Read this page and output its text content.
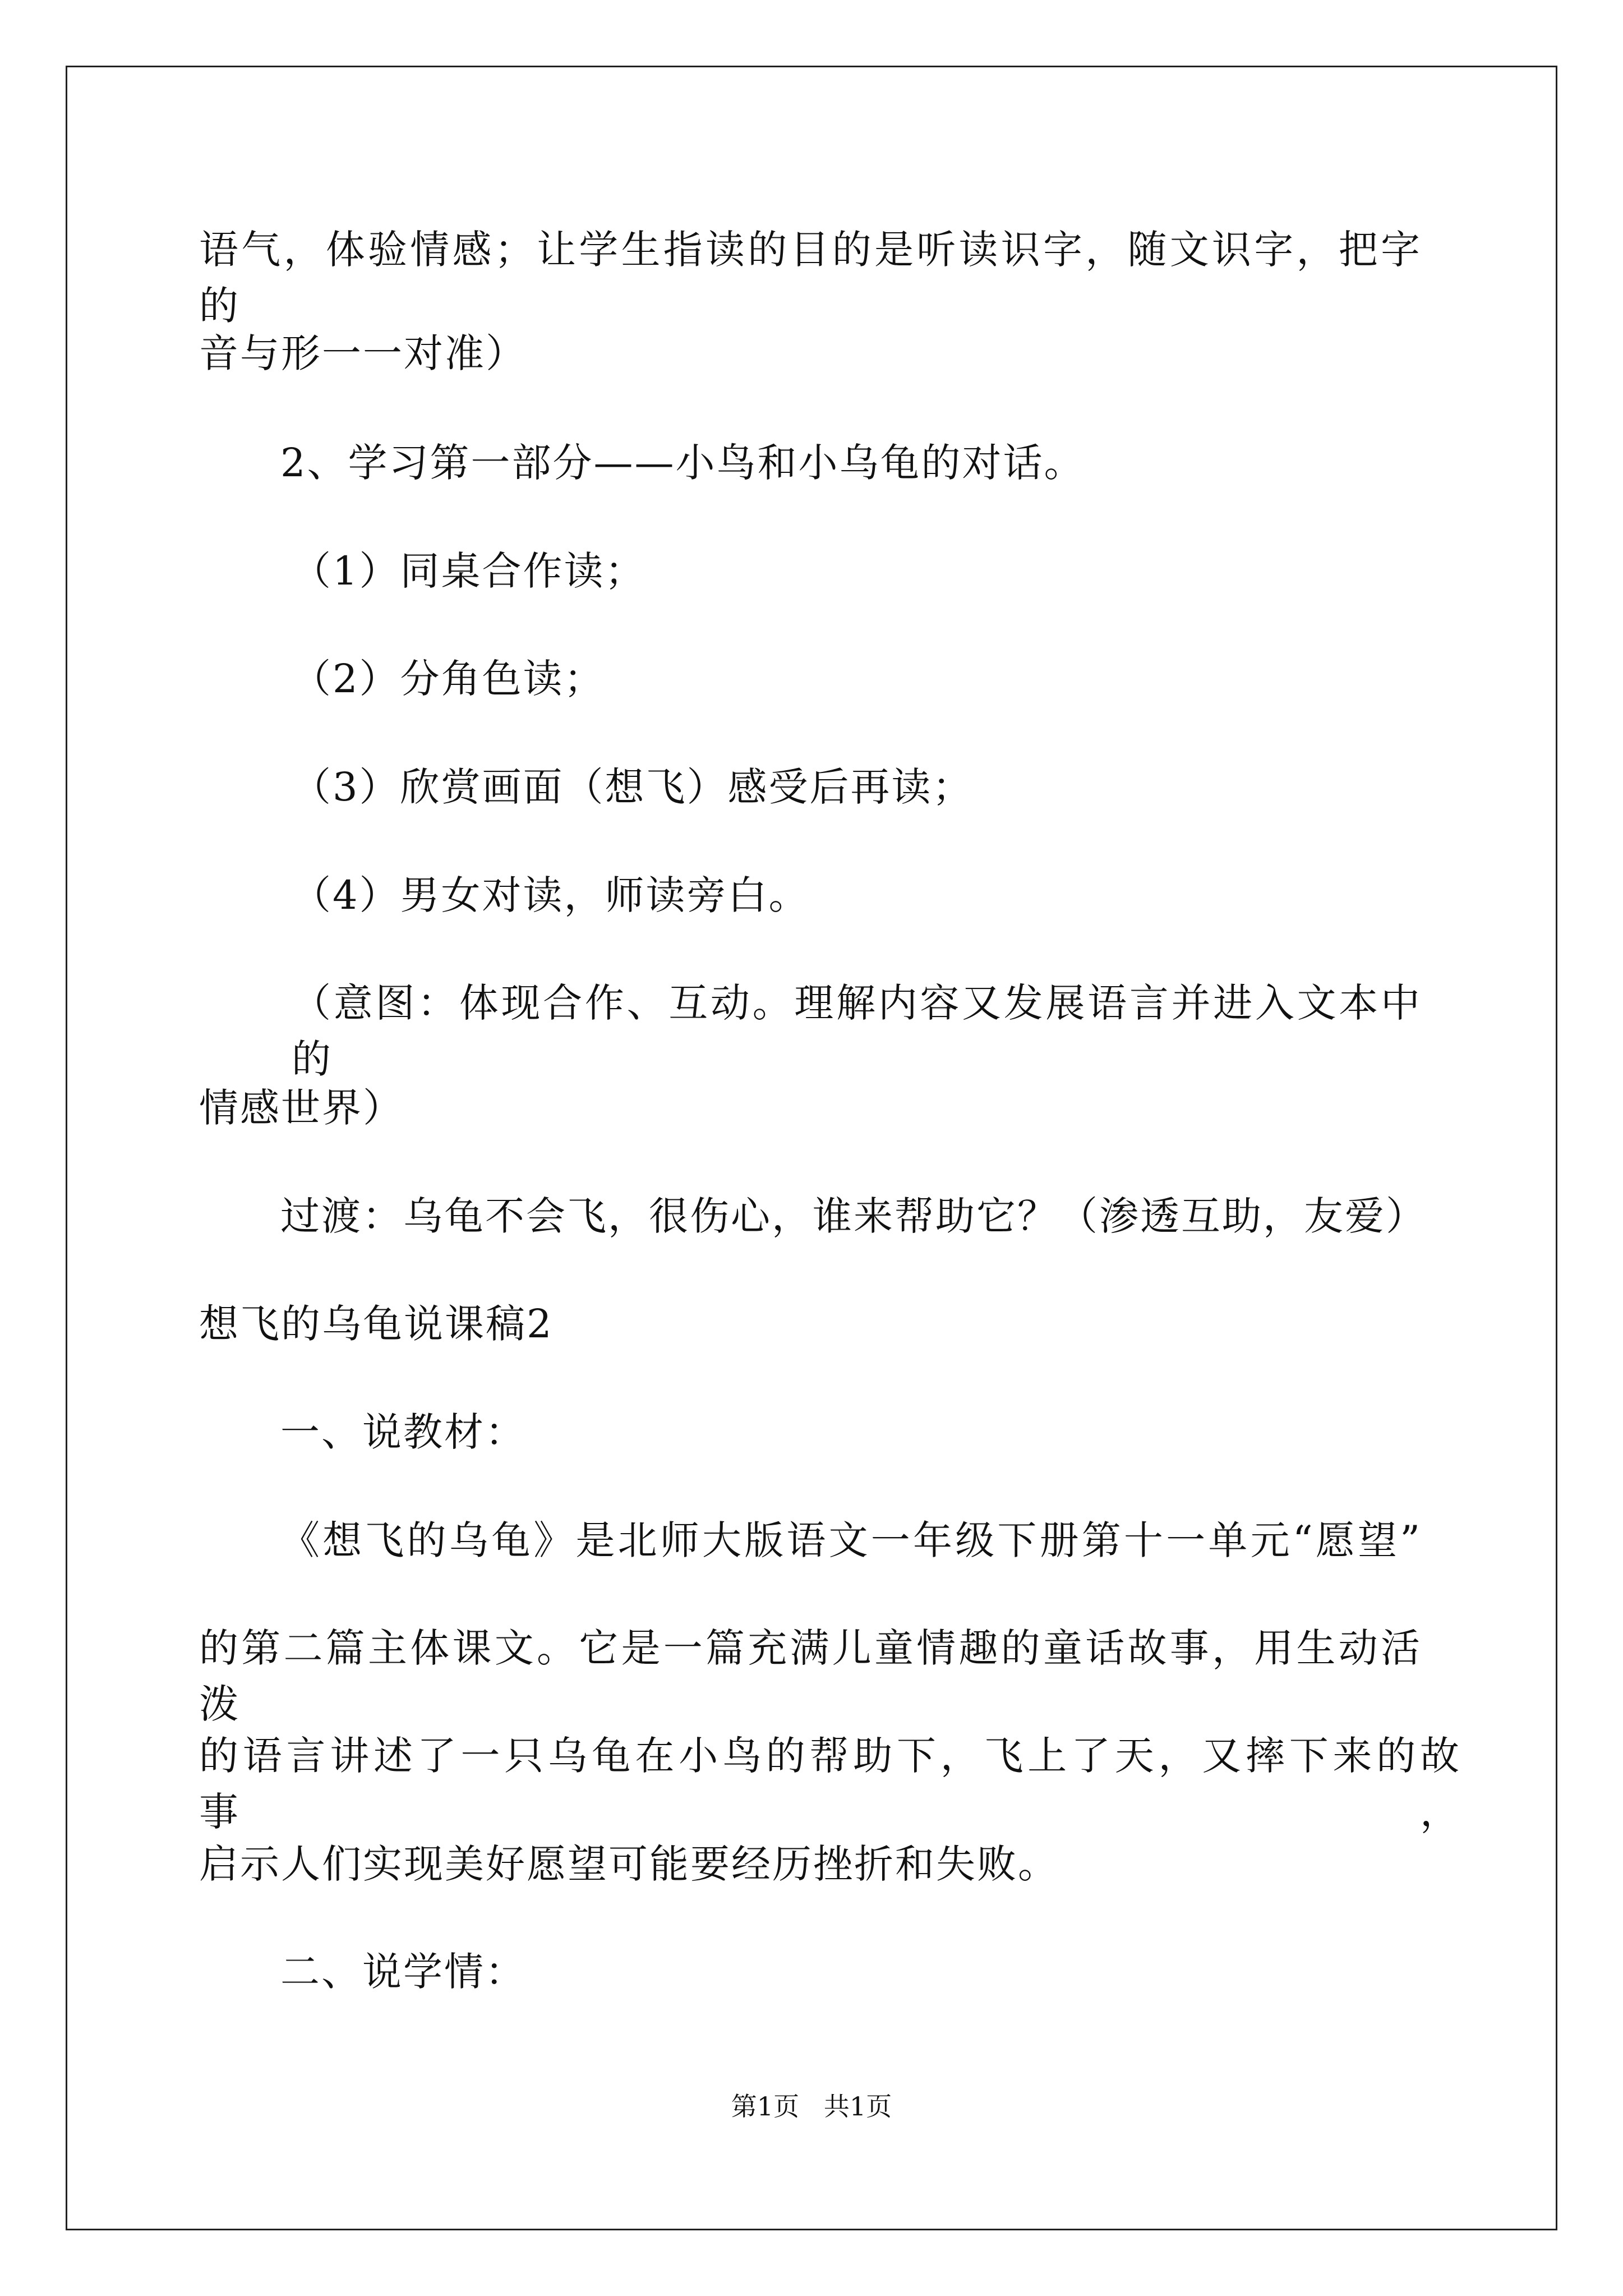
语气，体验情感；让学生指读的目的是听读识字，随文识字，把字的
音与形一一对准）
2、学习第一部分——小鸟和小乌龟的对话。
（1）同桌合作读；
（2）分角色读；
（3）欣赏画面（想飞）感受后再读；
（4）男女对读，师读旁白。
（意图：体现合作、互动。理解内容又发展语言并进入文本中的
情感世界）
过渡：乌龟不会飞，很伤心，谁来帮助它？（渗透互助，友爱）
想飞的乌龟说课稿2
一、说教材：
《想飞的乌龟》是北师大版语文一年级下册第十一单元“愿望”
的第二篇主体课文。它是一篇充满儿童情趣的童话故事，用生动活泼
的语言讲述了一只乌龟在小鸟的帮助下，飞上了天，又摔下来的故事，
启示人们实现美好愿望可能要经历挫折和失败。
二、说学情：
第1页   共1页
